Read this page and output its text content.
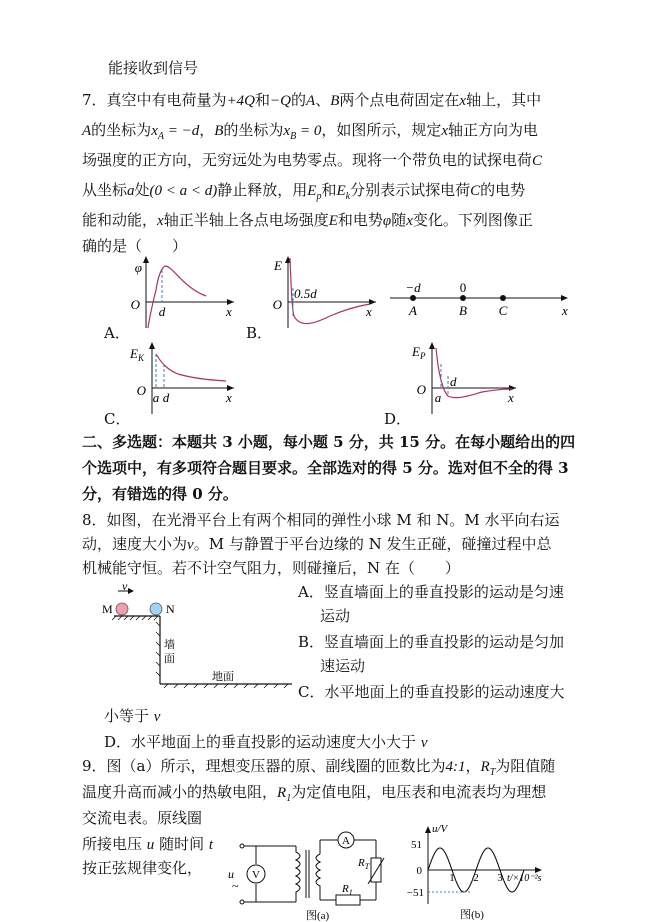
能接收到信号
7．真空中有电荷量为+4Q和−Q的A、B两个点电荷固定在x轴上，其中
A的坐标为$x_A = -d$，B的坐标为$x_B = 0$，如图所示，规定x轴正方向为电
场强度的正方向，无穷远处为电势零点。现将一个带负电的试探电荷C
从坐标a处(0 < a < d)静止释放，用$E_p$和$E_k$分别表示试探电荷C的电势
能和动能，x轴正半轴上各点电场强度E和电势φ随x变化。下列图像正
确的是（　　）
A．
φ
O d	x
B．
E
O
0.5d
x
−d	0
A	B C	x
C．
$E_K$
O a d	x
D．
$E_P$
O
a
d
x
二、多选题：本题共 3 小题，每小题 5 分，共 15 分。在每小题给出的四
个选项中，有多项符合题目要求。全部选对的得 5 分。选对但不全的得 3
分，有错选的得 0 分。
8．如图，在光滑平台上有两个相同的弹性小球 M 和 N。M 水平向右运
动，速度大小为v。M 与静置于平台边缘的 N 发生正碰，碰撞过程中总
机械能守恒。若不计空气阻力，则碰撞后，N 在（　　）
v
M	N
墙
面
地面
A．竖直墙面上的垂直投影的运动是匀速
运动
B．竖直墙面上的垂直投影的运动是匀加
速运动
C．水平地面上的垂直投影的运动速度大
小等于 v
D．水平地面上的垂直投影的运动速度大小大于 v
9．图（a）所示，理想变压器的原、副线圈的匝数比为4:1，$R_T$为阻值随
温度升高而减小的热敏电阻，$R_1$为定值电阻，电压表和电流表均为理想
交流电表。原线圈
所接电压 u 随时间 t
按正弦规律变化， u
~
V
A
$R_T$
$R_1$
图(a)
u/V
51
0
−51
1 2 3 t/×10⁻²s
图(b)
